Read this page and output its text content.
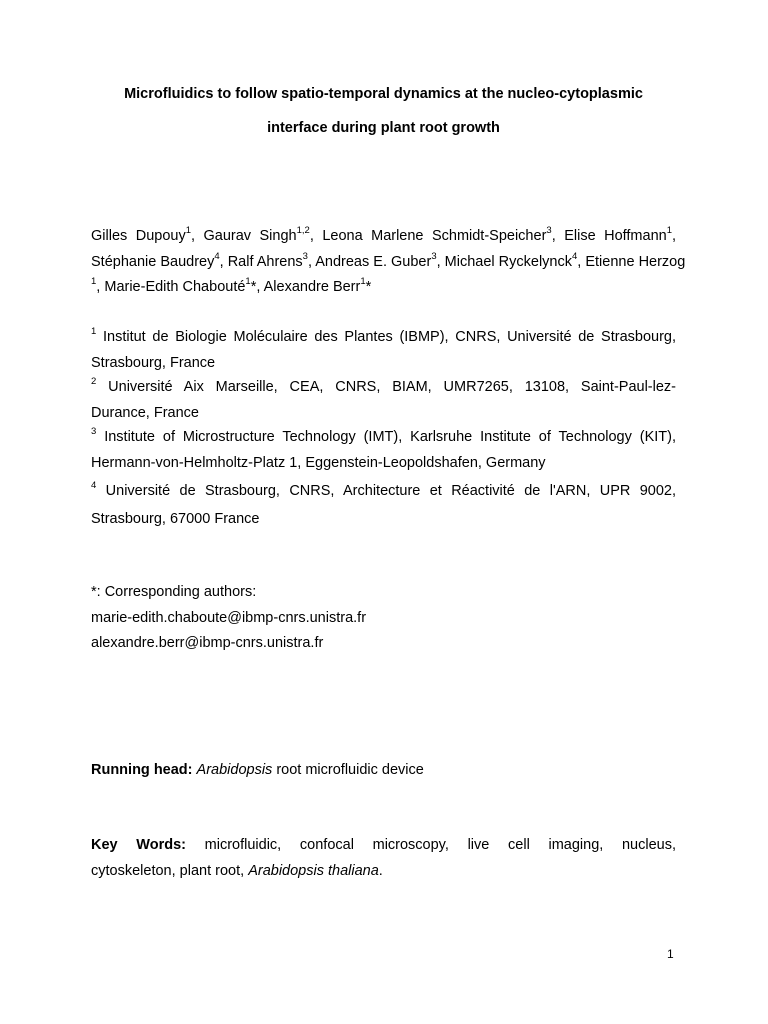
Microfluidics to follow spatio-temporal dynamics at the nucleo-cytoplasmic
interface during plant root growth
Gilles Dupouy$^1$, Gaurav Singh$^{1,2}$, Leona Marlene Schmidt-Speicher$^3$, Elise Hoffmann$^1$,
Stéphanie Baudrey$^4$, Ralf Ahrens$^3$, Andreas E. Guber$^3$, Michael Ryckelynck$^4$, Etienne Herzog
$^1$, Marie-Edith Chabouté$^1$*, Alexandre Berr$^1$*
$^1$ Institut de Biologie Moléculaire des Plantes (IBMP), CNRS, Université de Strasbourg,
Strasbourg, France
$^2$ Université Aix Marseille, CEA, CNRS, BIAM, UMR7265, 13108, Saint-Paul-lez-
Durance, France
$^3$ Institute of Microstructure Technology (IMT), Karlsruhe Institute of Technology (KIT),
Hermann-von-Helmholtz-Platz 1, Eggenstein-Leopoldshafen, Germany
$^4$ Université de Strasbourg, CNRS, Architecture et Réactivité de l'ARN, UPR 9002,
Strasbourg, 67000 France
*: Corresponding authors:
marie-edith.chaboute@ibmp-cnrs.unistra.fr
alexandre.berr@ibmp-cnrs.unistra.fr
Running head: Arabidopsis root microfluidic device
Key Words: microfluidic, confocal microscopy, live cell imaging, nucleus,
cytoskeleton, plant root, Arabidopsis thaliana.
1
